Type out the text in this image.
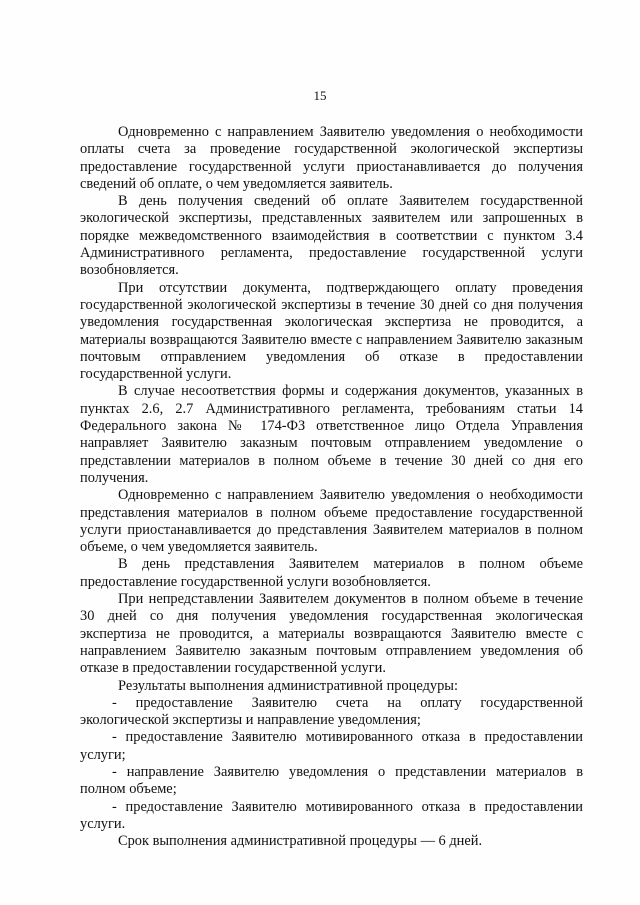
15

Одновременно с направлением Заявителю уведомления о необходимости оплаты счета за проведение государственной экологической экспертизы предоставление государственной услуги приостанавливается до получения сведений об оплате, о чем уведомляется заявитель.

В день получения сведений об оплате Заявителем государственной экологической экспертизы, представленных заявителем или запрошенных в порядке межведомственного взаимодействия в соответствии с пунктом 3.4 Административного регламента, предоставление государственной услуги возобновляется.

При отсутствии документа, подтверждающего оплату проведения государственной экологической экспертизы в течение 30 дней со дня получения уведомления государственная экологическая экспертиза не проводится, а материалы возвращаются Заявителю вместе с направлением Заявителю заказным почтовым отправлением уведомления об отказе в предоставлении государственной услуги.

В случае несоответствия формы и содержания документов, указанных в пунктах 2.6, 2.7 Административного регламента, требованиям статьи 14 Федерального закона № 174-ФЗ ответственное лицо Отдела Управления направляет Заявителю заказным почтовым отправлением уведомление о представлении материалов в полном объеме в течение 30 дней со дня его получения.

Одновременно с направлением Заявителю уведомления о необходимости представления материалов в полном объеме предоставление государственной услуги приостанавливается до представления Заявителем материалов в полном объеме, о чем уведомляется заявитель.

В день представления Заявителем материалов в полном объеме предоставление государственной услуги возобновляется.

При непредставлении Заявителем документов в полном объеме в течение 30 дней со дня получения уведомления государственная экологическая экспертиза не проводится, а материалы возвращаются Заявителю вместе с направлением Заявителю заказным почтовым отправлением уведомления об отказе в предоставлении государственной услуги.

Результаты выполнения административной процедуры:

- предоставление Заявителю счета на оплату государственной экологической экспертизы и направление уведомления;

- предоставление Заявителю мотивированного отказа в предоставлении услуги;

- направление Заявителю уведомления о представлении материалов в полном объеме;

- предоставление Заявителю мотивированного отказа в предоставлении услуги.

Срок выполнения административной процедуры — 6 дней.
